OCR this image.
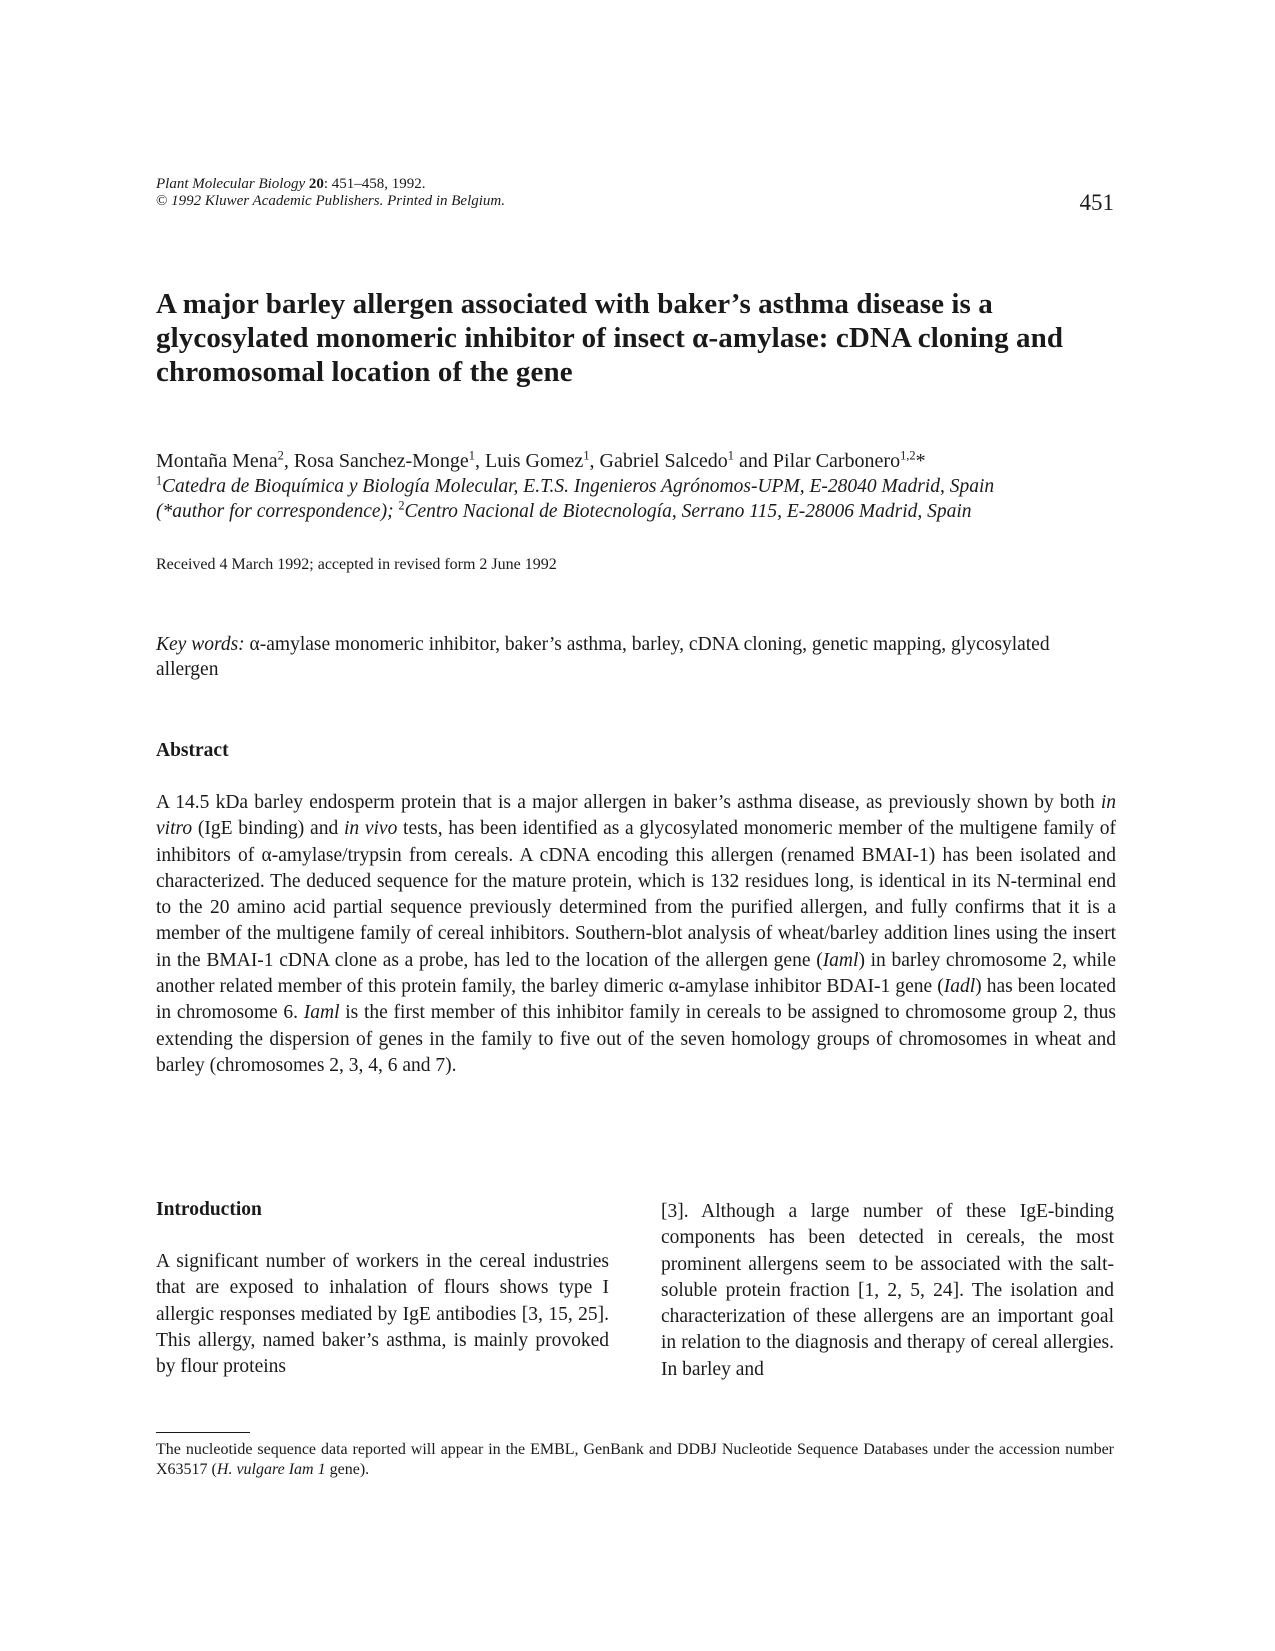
Plant Molecular Biology 20: 451–458, 1992.
© 1992 Kluwer Academic Publishers. Printed in Belgium.	451
A major barley allergen associated with baker’s asthma disease is a glycosylated monomeric inhibitor of insect α-amylase: cDNA cloning and chromosomal location of the gene
Montaña Mena$^2$, Rosa Sanchez-Monge$^1$, Luis Gomez$^1$, Gabriel Salcedo$^1$ and Pilar Carbonero$^{1,2}$*
$^1$Catedra de Bioquímica y Biología Molecular, E.T.S. Ingenieros Agrónomos-UPM, E-28040 Madrid, Spain
(*author for correspondence); $^2$Centro Nacional de Biotecnología, Serrano 115, E-28006 Madrid, Spain
Received 4 March 1992; accepted in revised form 2 June 1992
Key words: α-amylase monomeric inhibitor, baker’s asthma, barley, cDNA cloning, genetic mapping, glycosylated allergen
Abstract

A 14.5 kDa barley endosperm protein that is a major allergen in baker’s asthma disease, as previously shown by both in vitro (IgE binding) and in vivo tests, has been identified as a glycosylated monomeric member of the multigene family of inhibitors of α-amylase/trypsin from cereals. A cDNA encoding this allergen (renamed BMAI-1) has been isolated and characterized. The deduced sequence for the mature protein, which is 132 residues long, is identical in its N-terminal end to the 20 amino acid partial sequence previously determined from the purified allergen, and fully confirms that it is a member of the multigene family of cereal inhibitors. Southern-blot analysis of wheat/barley addition lines using the insert in the BMAI-1 cDNA clone as a probe, has led to the location of the allergen gene (Iaml) in barley chromosome 2, while another related member of this protein family, the barley dimeric α-amylase inhibitor BDAI-1 gene (Iadl) has been located in chromosome 6. Iaml is the first member of this inhibitor family in cereals to be assigned to chromosome group 2, thus extending the dispersion of genes in the family to five out of the seven homology groups of chromosomes in wheat and barley (chromosomes 2, 3, 4, 6 and 7).

Introduction

A significant number of workers in the cereal industries that are exposed to inhalation of flours shows type I allergic responses mediated by IgE antibodies [3, 15, 25]. This allergy, named baker’s asthma, is mainly provoked by flour proteins

[3]. Although a large number of these IgE-binding components has been detected in cereals, the most prominent allergens seem to be associated with the salt-soluble protein fraction [1, 2, 5, 24]. The isolation and characterization of these allergens are an important goal in relation to the diagnosis and therapy of cereal allergies. In barley and

The nucleotide sequence data reported will appear in the EMBL, GenBank and DDBJ Nucleotide Sequence Databases under the accession number X63517 (H. vulgare Iam 1 gene).
